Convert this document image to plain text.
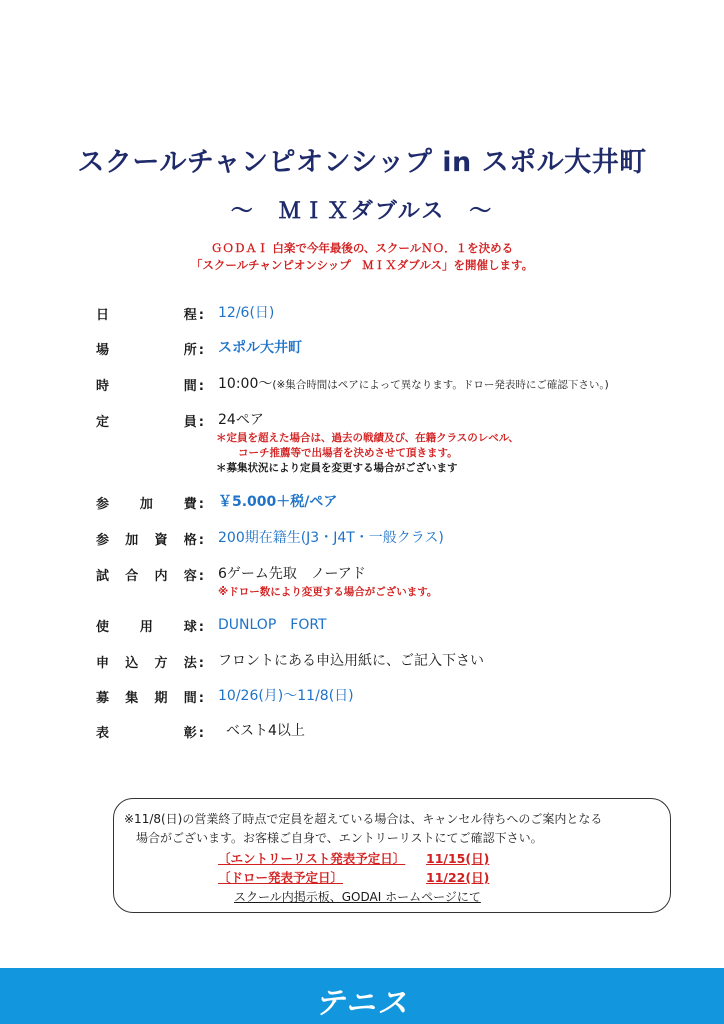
スクールチャンピオンシップ in スポル大井町
～　ＭＩＸダブルス　～
ＧＯＤＡＩ 白楽で今年最後の、スクールＮＯ．１を決める
「スクールチャンピオンシップ　ＭＩＸダブルス」を開催します。
日	程 : 12/6(日)
場	所 : スポル大井町
時	間 : 10:00～(※集合時間はペアによって異なります。ドロー発表時にご確認下さい。)
定	員 : 24ペア
＊定員を超えた場合は、過去の戦績及び、在籍クラスのレベル、
コーチ推薦等で出場者を決めさせて頂きます。
＊募集状況により定員を変更する場合がございます
参 加 費 : ￥5.000＋税/ペア
参 加 資 格 : 200期在籍生(J3・J4T・一般クラス)
試 合 内 容 : 6ゲーム先取　ノーアド
※ドロー数により変更する場合がございます。
使 用 球 : DUNLOP　FORT
申 込 方 法 : フロントにある申込用紙に、ご記入下さい
募 集 期 間 : 10/26(月)～11/8(日)
表	彰 : ベスト4以上
※11/8(日)の営業終了時点で定員を超えている場合は、キャンセル待ちへのご案内となる
場合がございます。お客様ご自身で、エントリーリストにてご確認下さい。
〔エントリーリスト発表予定日〕 11/15(日)
〔ドロー発表予定日〕	11/22(日)
スクール内掲示板、GODAI ホームページにて
テニス
